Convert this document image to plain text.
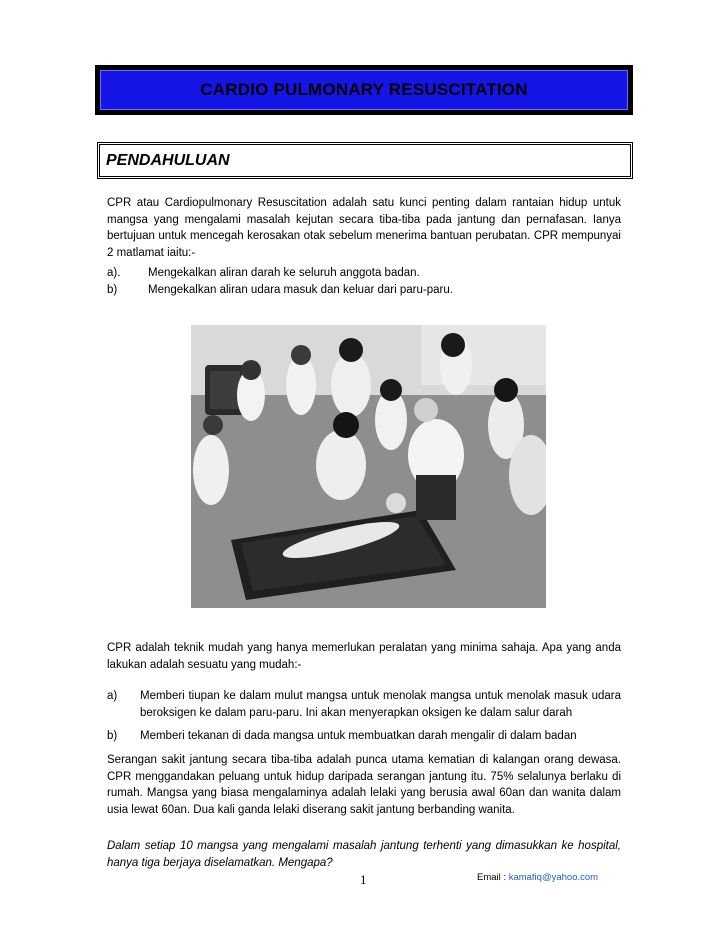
CARDIO PULMONARY RESUSCITATION
PENDAHULUAN
CPR atau Cardiopulmonary Resuscitation adalah satu kunci penting dalam rantaian hidup untuk mangsa yang mengalami masalah kejutan secara tiba-tiba pada jantung dan pernafasan. Ianya bertujuan untuk mencegah kerosakan otak sebelum menerima bantuan perubatan. CPR mempunyai 2 matlamat iaitu:-
a).	Mengekalkan aliran darah ke seluruh anggota badan.
b)	Mengekalkan aliran udara masuk dan keluar dari paru-paru.
CPR adalah teknik mudah yang hanya memerlukan peralatan yang minima sahaja. Apa yang anda lakukan adalah sesuatu yang mudah:-
a)	Memberi tiupan ke dalam mulut mangsa untuk menolak mangsa untuk menolak masuk udara beroksigen ke dalam paru-paru. Ini akan menyerapkan oksigen ke dalam salur darah
b)	Memberi tekanan di dada mangsa untuk membuatkan darah mengalir di dalam badan
Serangan sakit jantung secara tiba-tiba adalah punca utama kematian di kalangan orang dewasa. CPR menggandakan peluang untuk hidup daripada serangan jantung itu. 75% selalunya berlaku di rumah. Mangsa yang biasa mengalaminya adalah lelaki yang berusia awal 60an dan wanita dalam usia lewat 60an. Dua kali ganda lelaki diserang sakit jantung berbanding wanita.
Dalam setiap 10 mangsa yang mengalami masalah jantung terhenti yang dimasukkan ke hospital, hanya tiga berjaya diselamatkan. Mengapa?
1	Email : kamafiq@yahoo.com
